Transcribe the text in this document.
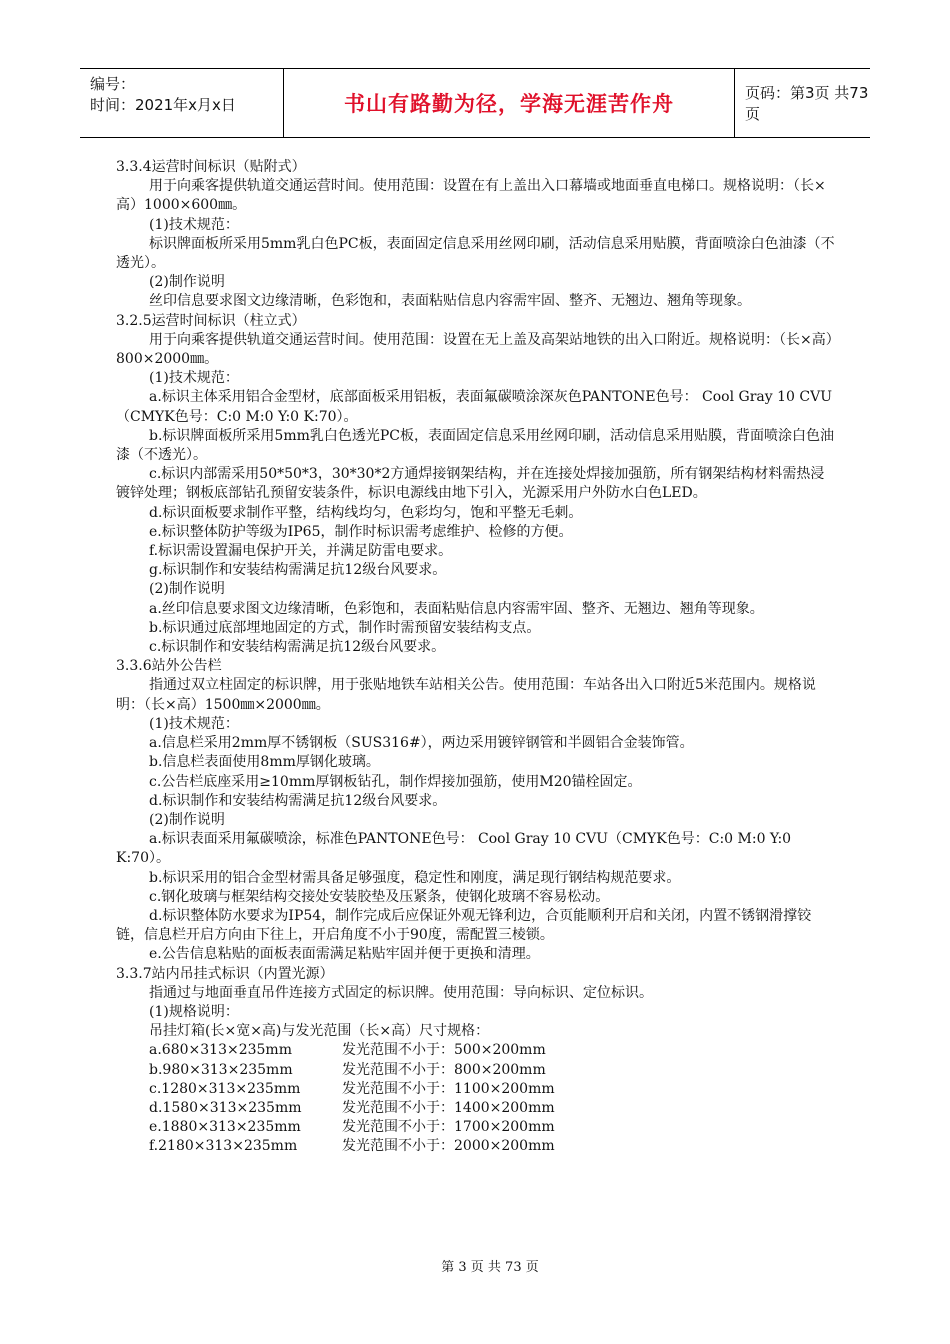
编号：
时间：2021年x月x日	书山有路勤为径，学海无涯苦作舟	页码：第3页 共73页

3.3.4运营时间标识（贴附式）

用于向乘客提供轨道交通运营时间。使用范围：设置在有上盖出入口幕墙或地面垂直电梯口。规格说明：（长×高）1000×600㎜。

(1)技术规范：

标识牌面板所采用5mm乳白色PC板，表面固定信息采用丝网印刷，活动信息采用贴膜，背面喷涂白色油漆（不透光）。

(2)制作说明

丝印信息要求图文边缘清晰，色彩饱和，表面粘贴信息内容需牢固、整齐、无翘边、翘角等现象。

3.2.5运营时间标识（柱立式）

用于向乘客提供轨道交通运营时间。使用范围：设置在无上盖及高架站地铁的出入口附近。规格说明：（长×高）800×2000㎜。

(1)技术规范：

a.标识主体采用铝合金型材，底部面板采用铝板，表面氟碳喷涂深灰色PANTONE色号： Cool Gray 10 CVU（CMYK色号：C:0 M:0 Y:0 K:70）。

b.标识牌面板所采用5mm乳白色透光PC板，表面固定信息采用丝网印刷，活动信息采用贴膜，背面喷涂白色油漆（不透光）。

c.标识内部需采用50*50*3，30*30*2方通焊接钢架结构，并在连接处焊接加强筋，所有钢架结构材料需热浸镀锌处理；钢板底部钻孔预留安装条件，标识电源线由地下引入，光源采用户外防水白色LED。

d.标识面板要求制作平整，结构线均匀，色彩均匀，饱和平整无毛刺。

e.标识整体防护等级为IP65，制作时标识需考虑维护、检修的方便。

f.标识需设置漏电保护开关，并满足防雷电要求。

g.标识制作和安装结构需满足抗12级台风要求。

(2)制作说明

a.丝印信息要求图文边缘清晰，色彩饱和，表面粘贴信息内容需牢固、整齐、无翘边、翘角等现象。

b.标识通过底部埋地固定的方式，制作时需预留安装结构支点。

c.标识制作和安装结构需满足抗12级台风要求。

3.3.6站外公告栏

指通过双立柱固定的标识牌，用于张贴地铁车站相关公告。使用范围：车站各出入口附近5米范围内。规格说明：（长×高）1500㎜×2000㎜。

(1)技术规范：

a.信息栏采用2mm厚不锈钢板（SUS316#），两边采用镀锌钢管和半圆铝合金装饰管。

b.信息栏表面使用8mm厚钢化玻璃。

c.公告栏底座采用≥10mm厚钢板钻孔，制作焊接加强筋，使用M20锚栓固定。

d.标识制作和安装结构需满足抗12级台风要求。

(2)制作说明

a.标识表面采用氟碳喷涂，标准色PANTONE色号： Cool Gray 10 CVU（CMYK色号：C:0 M:0 Y:0 K:70）。

b.标识采用的铝合金型材需具备足够强度，稳定性和刚度，满足现行钢结构规范要求。

c.钢化玻璃与框架结构交接处安装胶垫及压紧条，使钢化玻璃不容易松动。

d.标识整体防水要求为IP54，制作完成后应保证外观无锋利边，合页能顺利开启和关闭，内置不锈钢滑撑铰链，信息栏开启方向由下往上，开启角度不小于90度，需配置三棱锁。

e.公告信息粘贴的面板表面需满足粘贴牢固并便于更换和清理。

3.3.7站内吊挂式标识（内置光源）

指通过与地面垂直吊件连接方式固定的标识牌。使用范围：导向标识、定位标识。

(1)规格说明：

吊挂灯箱(长×宽×高)与发光范围（长×高）尺寸规格：

a.680×313×235mm	发光范围不小于：500×200mm
b.980×313×235mm	发光范围不小于：800×200mm
c.1280×313×235mm	发光范围不小于：1100×200mm
d.1580×313×235mm	发光范围不小于：1400×200mm
e.1880×313×235mm	发光范围不小于：1700×200mm
f.2180×313×235mm	发光范围不小于：2000×200mm
第 3 页 共 73 页
